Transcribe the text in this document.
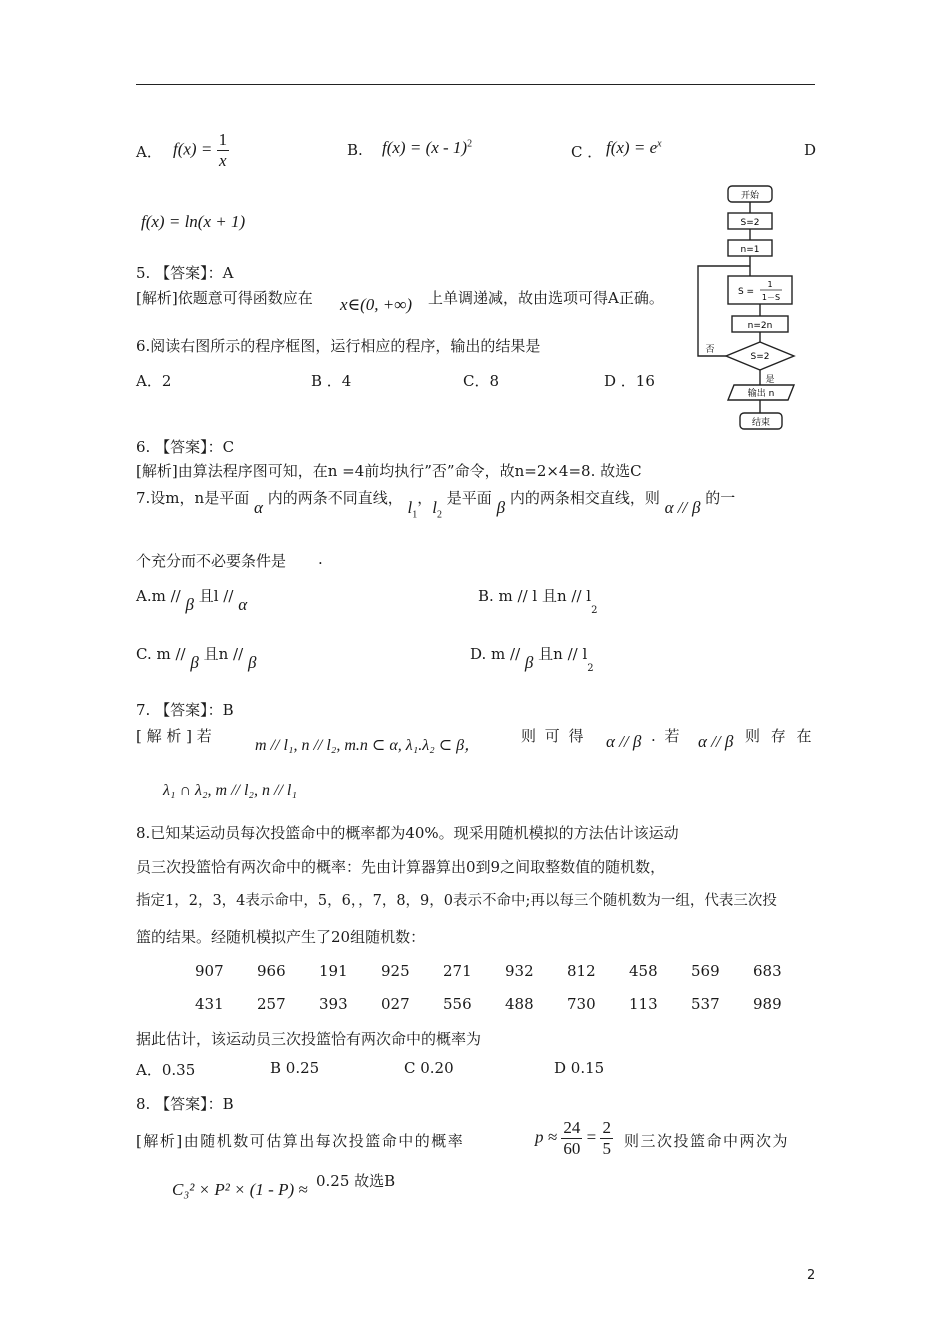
A． $f(x) = \frac{1}{x}$	B. f(x) = (x - 1)$^2$	C ． $f(x) = e^x$	D
f(x) = ln(x + 1)
5. 【答案】：A
[解析]依题意可得函数应在 x∈(0, +∞) 上单调递减，故由选项可得A正确。
6.阅读右图所示的程序框图，运行相应的程序，输出的结果是
A．2	B ．4	C．8	D ．16
开始
S=2
n=1
S =
1
1－S
n=2n
S=2
否
是
输出 n
结束
6. 【答案】：C
[解析]由算法程序图可知，在n =4前均执行”否”命令，故n=2×4=8. 故选C
7.设m，n是平面 α 内的两条不同直线， $l_1$，$l_2$ 是平面 β 内的两条相交直线，则 α // β 的一
个充分而不必要条件是 .
A.m // β 且l // α	B. m // l 且n // $l_2$
C. m // β 且n // β	D. m // β 且n // $l_2$
7. 【答案】：B
[ 解 析 ] 若
m // l₁, n // l₂, m.n ⊂ α, λ₁.λ₂ ⊂ β，
则 可 得 α // β . 若 α // β 则 存 在
λ₁ ∩ λ₂, m // l₂, n // l₁
8.已知某运动员每次投篮命中的概率都为40%。现采用随机模拟的方法估计该运动
员三次投篮恰有两次命中的概率：先由计算器算出0到9之间取整数值的随机数，
指定1，2，3，4表示命中，5，6，，7，8，9，0表示不命中;再以每三个随机数为一组，代表三次投
篮的结果。经随机模拟产生了20组随机数：
907	966	191	925	271	932	812	458	569	683
431	257	393	027	556	488	730	113	537	989
据此估计，该运动员三次投篮恰有两次命中的概率为
A．0.35	B 0.25	C 0.20	D 0.15
8. 【答案】：B
[解析]由随机数可估算出每次投篮命中的概率	$p \approx \frac{24}{60} = \frac{2}{5}$ 则三次投篮命中两次为
C₃² × P² × (1 - P) ≈ 0.25 故选B
2
